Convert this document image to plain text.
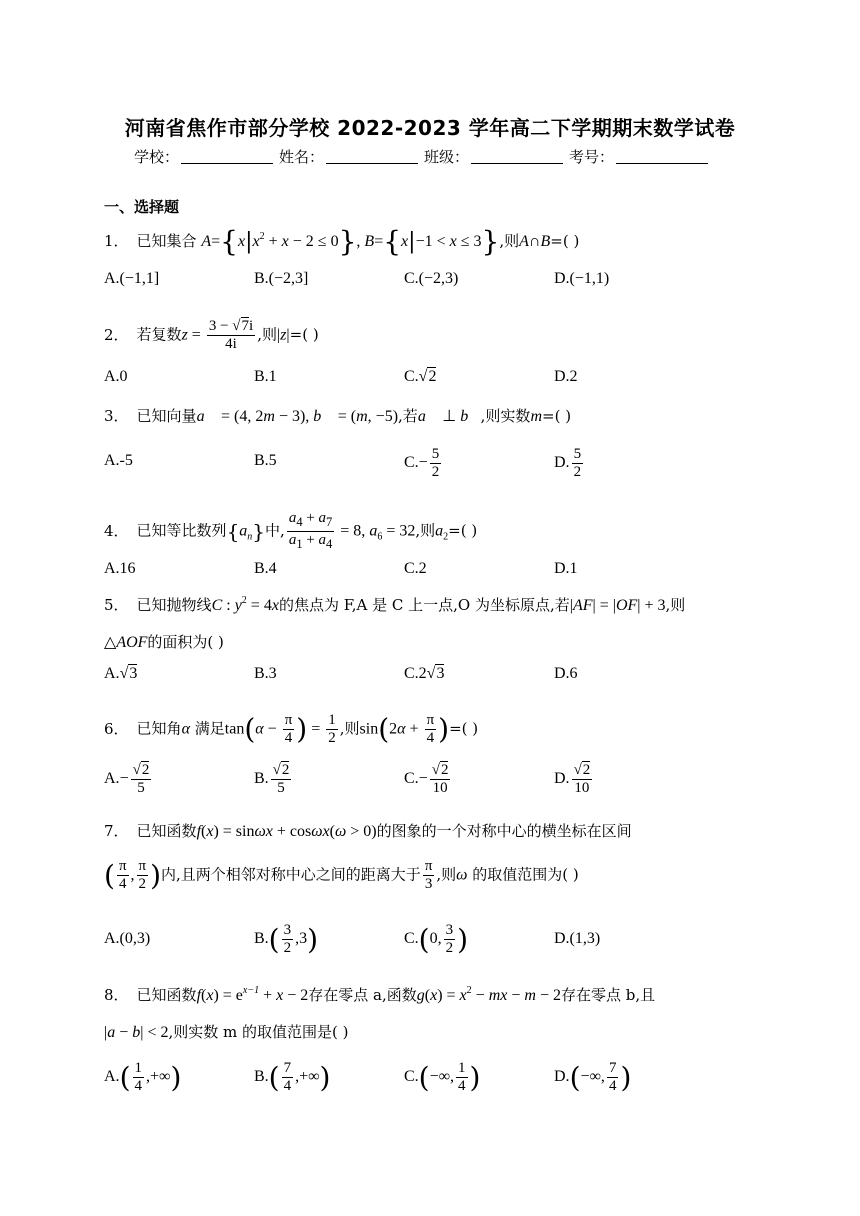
河南省焦作市部分学校 2022-2023 学年高二下学期期末数学试卷
学校：	姓名：	班级：	考号：
一、选择题
1． 已知集合 $A=\{x|x^2 + x - 2 \le 0\}$, B={x|−1 < x ≤ 3},则A∩B=( )
A.(−1,1]	B.(−2,3]	C.(−2,3)	D.(−1,1)
2． 若复数$z = \frac{3 - √7i}{4i}$ ,则|z|=( )
A.0	B.1	C.√2	D.2
3． 已知向量a⃗ = (4, 2m − 3), b⃗ = (m, −5),若a⃗ ⊥ b⃗,则实数m=( )
A.-5	B.5	$C.- \frac{5}{2}$	D. $\frac{5}{2}$
4． 已知等比数列$\{a_n\}$中, $\frac{a_4 + a_7}{a_1 + a_4} = 8$, $a_6 = 32$,则$a_2=$( )
A.16	B.4	C.2	D.1
5． 已知抛物线C : $y^2 = 4x$的焦点为 F,A 是 C 上一点,O 为坐标原点,若|AF| = |OF| + 3,则
△AOF的面积为( )
A.√3	B.3	C.2√3	D.6
6． 已知角α 满足$\tan(\alpha - \frac{\pi}{4}$ ) = $\frac{1}{2}$ ,则$\sin(2\alpha + \frac{\pi}{4}$ )=( )
$A.- \frac{√2}{5}$	B. $\frac{√2}{5}$	$C.- \frac{√2}{10}$	D. $\frac{√2}{10}$
7． 已知函数f(x) = sinωx + cosωx(ω > 0)的图象的一个对称中心的横坐标在区间
( $\frac{\pi}{4}$ , $\frac{\pi}{2}$ )内,且两个相邻对称中心之间的距离大于 $\frac{\pi}{3}$ ,则ω 的取值范围为( )
A.(0,3)	$B.( \frac{3}{2} ,3)$	C.(0, $\frac{3}{2}$ )	D.(1,3)
8． 已知函数$f(x) = e^{x-1} + x - 2$存在零点 a,函数$g(x) = x^2$ − mx − m − 2存在零点 b,且
|a − b| < 2,则实数 m 的取值范围是( )
$A.( \frac{1}{4}$ ,+∞)	$B.( \frac{7}{4}$ ,+∞)	C.(−∞, $\frac{1}{4}$ )	D.(−∞, $\frac{7}{4}$ )
